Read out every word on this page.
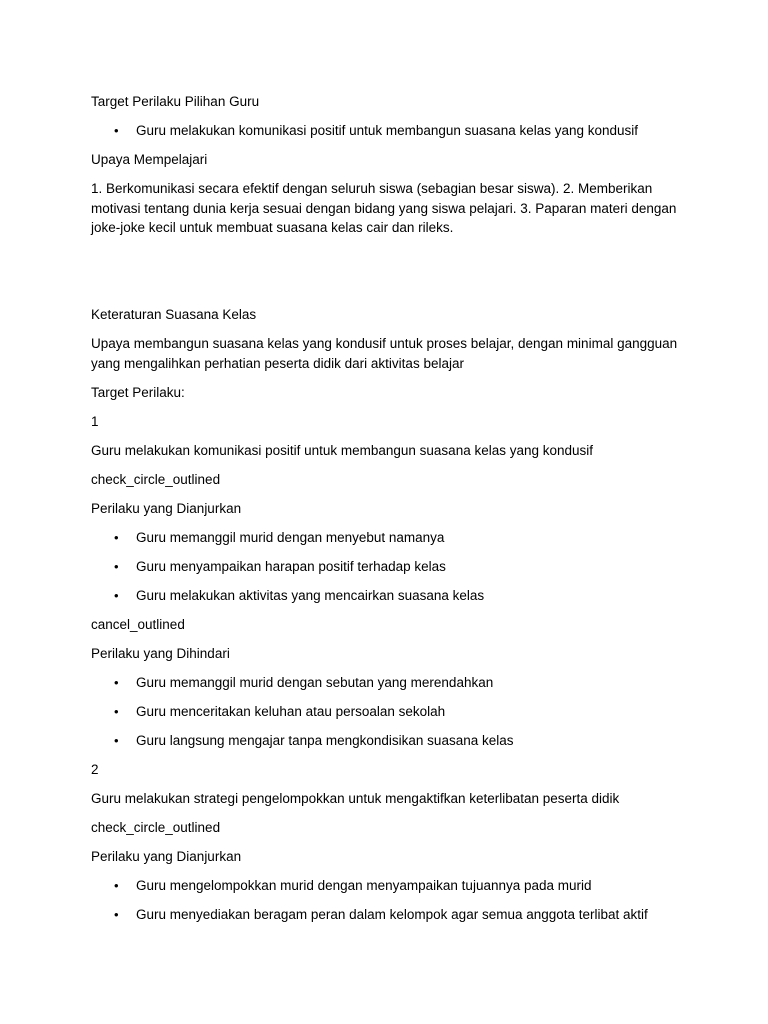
Target Perilaku Pilihan Guru

• Guru melakukan komunikasi positif untuk membangun suasana kelas yang kondusif

Upaya Mempelajari

1. Berkomunikasi secara efektif dengan seluruh siswa (sebagian besar siswa). 2. Memberikan motivasi tentang dunia kerja sesuai dengan bidang yang siswa pelajari. 3. Paparan materi dengan joke-joke kecil untuk membuat suasana kelas cair dan rileks.

Keteraturan Suasana Kelas

Upaya membangun suasana kelas yang kondusif untuk proses belajar, dengan minimal gangguan yang mengalihkan perhatian peserta didik dari aktivitas belajar

Target Perilaku:

1

Guru melakukan komunikasi positif untuk membangun suasana kelas yang kondusif

check_circle_outlined

Perilaku yang Dianjurkan

• Guru memanggil murid dengan menyebut namanya
• Guru menyampaikan harapan positif terhadap kelas
• Guru melakukan aktivitas yang mencairkan suasana kelas

cancel_outlined

Perilaku yang Dihindari

• Guru memanggil murid dengan sebutan yang merendahkan
• Guru menceritakan keluhan atau persoalan sekolah
• Guru langsung mengajar tanpa mengkondisikan suasana kelas

2

Guru melakukan strategi pengelompokkan untuk mengaktifkan keterlibatan peserta didik

check_circle_outlined

Perilaku yang Dianjurkan

• Guru mengelompokkan murid dengan menyampaikan tujuannya pada murid
• Guru menyediakan beragam peran dalam kelompok agar semua anggota terlibat aktif
